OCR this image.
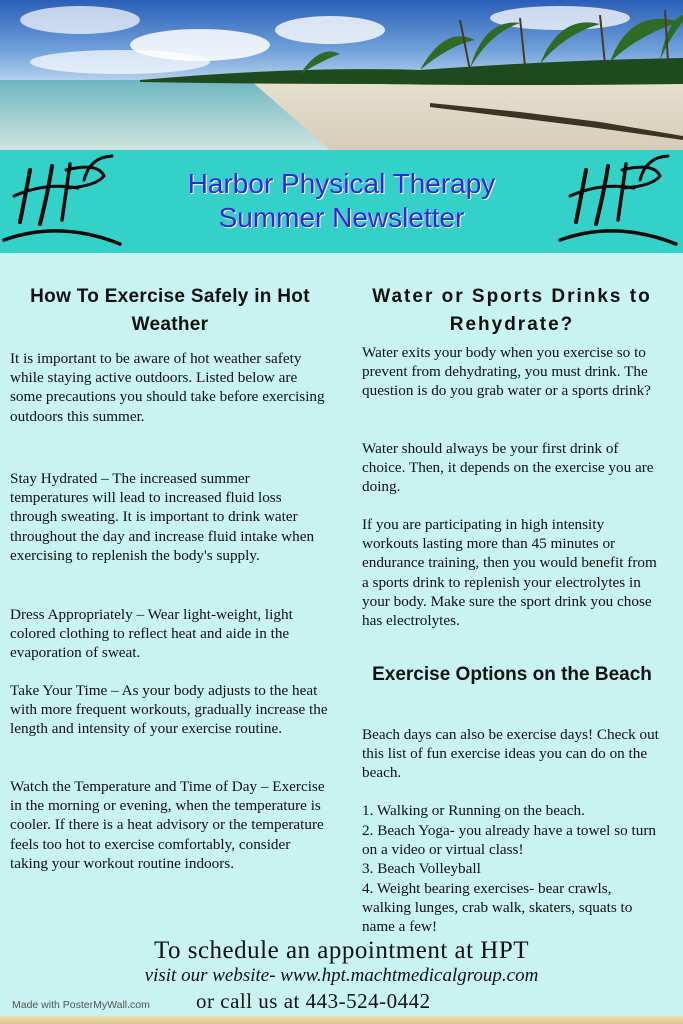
Harbor Physical Therapy
Summer Newsletter
How To Exercise Safely in Hot Weather
It is important to be aware of hot weather safety while staying active outdoors. Listed below are some precautions you should take before exercising outdoors this summer.
Stay Hydrated – The increased summer temperatures will lead to increased fluid loss through sweating. It is important to drink water throughout the day and increase fluid intake when exercising to replenish the body's supply.
Dress Appropriately – Wear light-weight, light colored clothing to reflect heat and aide in the evaporation of sweat.
Take Your Time – As your body adjusts to the heat with more frequent workouts, gradually increase the length and intensity of your exercise routine.
Watch the Temperature and Time of Day – Exercise in the morning or evening, when the temperature is cooler. If there is a heat advisory or the temperature feels too hot to exercise comfortably, consider taking your workout routine indoors.
Water or Sports Drinks to Rehydrate?
Water exits your body when you exercise so to prevent from dehydrating, you must drink. The question is do you grab water or a sports drink?
Water should always be your first drink of choice. Then, it depends on the exercise you are doing.
If you are participating in high intensity workouts lasting more than 45 minutes or endurance training, then you would benefit from a sports drink to replenish your electrolytes in your body. Make sure the sport drink you chose has electrolytes.
Exercise Options on the Beach
Beach days can also be exercise days! Check out this list of fun exercise ideas you can do on the beach.
1. Walking or Running on the beach.
2. Beach Yoga- you already have a towel so turn on a video or virtual class!
3. Beach Volleyball
4. Weight bearing exercises- bear crawls, walking lunges, crab walk, skaters, squats to name a few!
To schedule an appointment at HPT
visit our website- www.hpt.machtmedicalgroup.com
Made with PosterMyWall.com or call us at 443-524-0442
